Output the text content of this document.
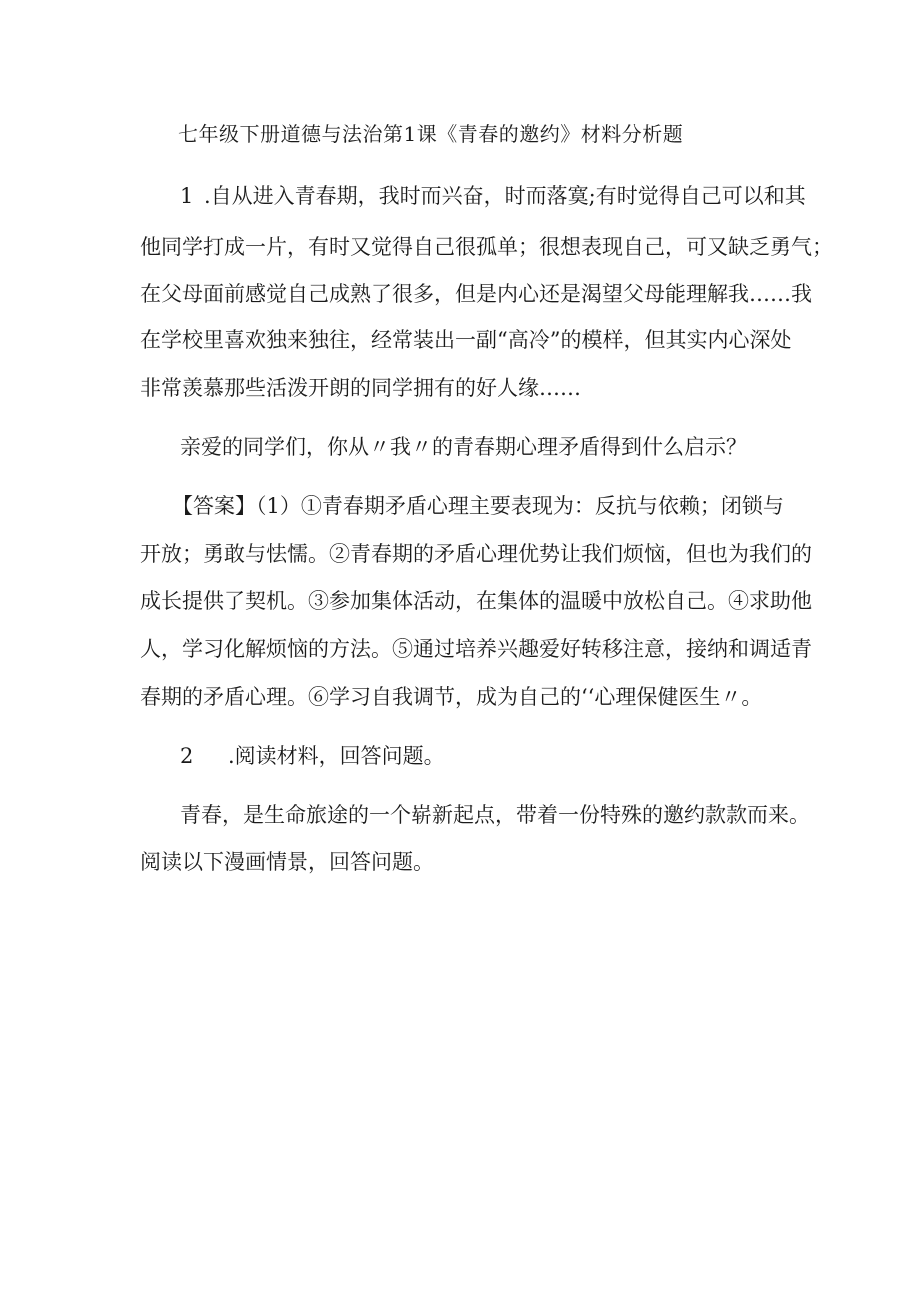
七年级下册道德与法治第1课《青春的邀约》材料分析题
1 .自从进入青春期，我时而兴奋，时而落寞;有时觉得自己可以和其
他同学打成一片，有时又觉得自己很孤单；很想表现自己，可又缺乏勇气；
在父母面前感觉自己成熟了很多，但是内心还是渴望父母能理解我……我
在学校里喜欢独来独往，经常装出一副“高冷”的模样，但其实内心深处
非常羡慕那些活泼开朗的同学拥有的好人缘……
亲爱的同学们，你从〃我〃的青春期心理矛盾得到什么启示？
【答案】（1）①青春期矛盾心理主要表现为：反抗与依赖；闭锁与
开放；勇敢与怯懦。②青春期的矛盾心理优势让我们烦恼，但也为我们的
成长提供了契机。③参加集体活动，在集体的温暖中放松自己。④求助他
人，学习化解烦恼的方法。⑤通过培养兴趣爱好转移注意，接纳和调适青
春期的矛盾心理。⑥学习自我调节，成为自己的‘‘心理保健医生〃。
2 .阅读材料，回答问题。
青春，是生命旅途的一个崭新起点，带着一份特殊的邀约款款而来。
阅读以下漫画情景，回答问题。
